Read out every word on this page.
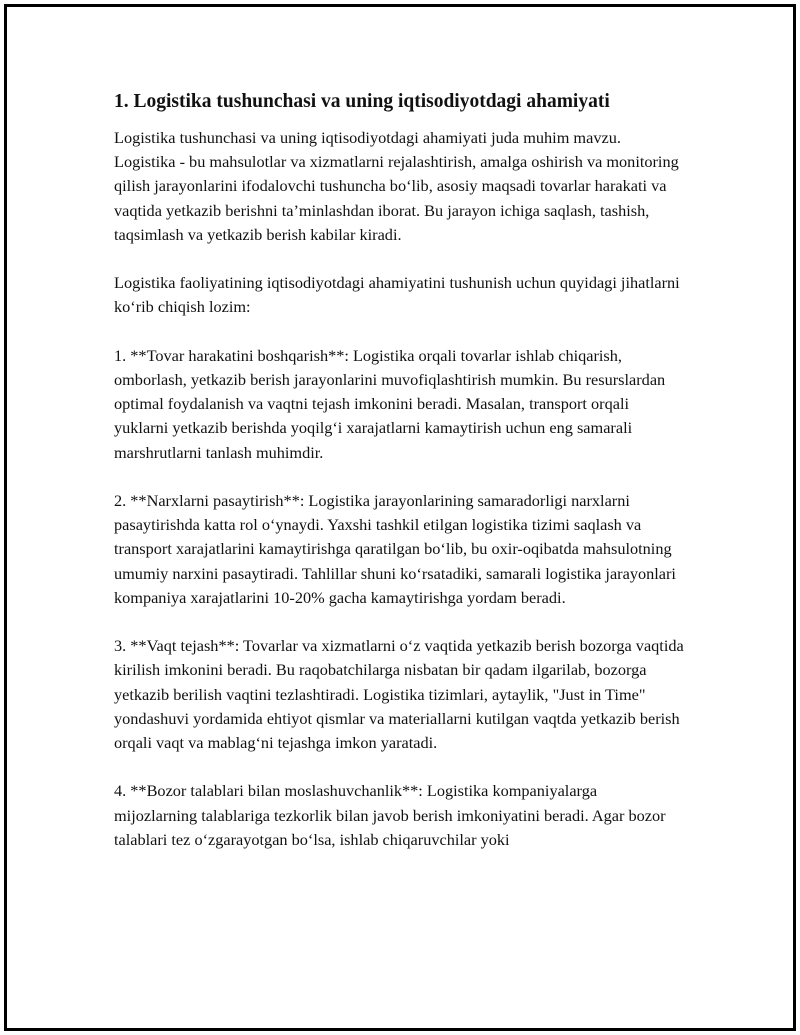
1. Logistika tushunchasi va uning iqtisodiyotdagi ahamiyati

Logistika tushunchasi va uning iqtisodiyotdagi ahamiyati juda muhim mavzu. Logistika - bu mahsulotlar va xizmatlarni rejalashtirish, amalga oshirish va monitoring qilish jarayonlarini ifodalovchi tushuncha bo‘lib, asosiy maqsadi tovarlar harakati va vaqtida yetkazib berishni ta’minlashdan iborat. Bu jarayon ichiga saqlash, tashish, taqsimlash va yetkazib berish kabilar kiradi.

Logistika faoliyatining iqtisodiyotdagi ahamiyatini tushunish uchun quyidagi jihatlarni ko‘rib chiqish lozim:

1. **Tovar harakatini boshqarish**: Logistika orqali tovarlar ishlab chiqarish, omborlash, yetkazib berish jarayonlarini muvofiqlashtirish mumkin. Bu resurslardan optimal foydalanish va vaqtni tejash imkonini beradi. Masalan, transport orqali yuklarni yetkazib berishda yoqilg‘i xarajatlarni kamaytirish uchun eng samarali marshrutlarni tanlash muhimdir.

2. **Narxlarni pasaytirish**: Logistika jarayonlarining samaradorligi narxlarni pasaytirishda katta rol o‘ynaydi. Yaxshi tashkil etilgan logistika tizimi saqlash va transport xarajatlarini kamaytirishga qaratilgan bo‘lib, bu oxir-oqibatda mahsulotning umumiy narxini pasaytiradi. Tahlillar shuni ko‘rsatadiki, samarali logistika jarayonlari kompaniya xarajatlarini 10-20% gacha kamaytirishga yordam beradi.

3. **Vaqt tejash**: Tovarlar va xizmatlarni o‘z vaqtida yetkazib berish bozorga vaqtida kirilish imkonini beradi. Bu raqobatchilarga nisbatan bir qadam ilgarilab, bozorga yetkazib berilish vaqtini tezlashtiradi. Logistika tizimlari, aytaylik, "Just in Time" yondashuvi yordamida ehtiyot qismlar va materiallarni kutilgan vaqtda yetkazib berish orqali vaqt va mablag‘ni tejashga imkon yaratadi.

4. **Bozor talablari bilan moslashuvchanlik**: Logistika kompaniyalarga mijozlarning talablariga tezkorlik bilan javob berish imkoniyatini beradi. Agar bozor talablari tez o‘zgarayotgan bo‘lsa, ishlab chiqaruvchilar yoki
